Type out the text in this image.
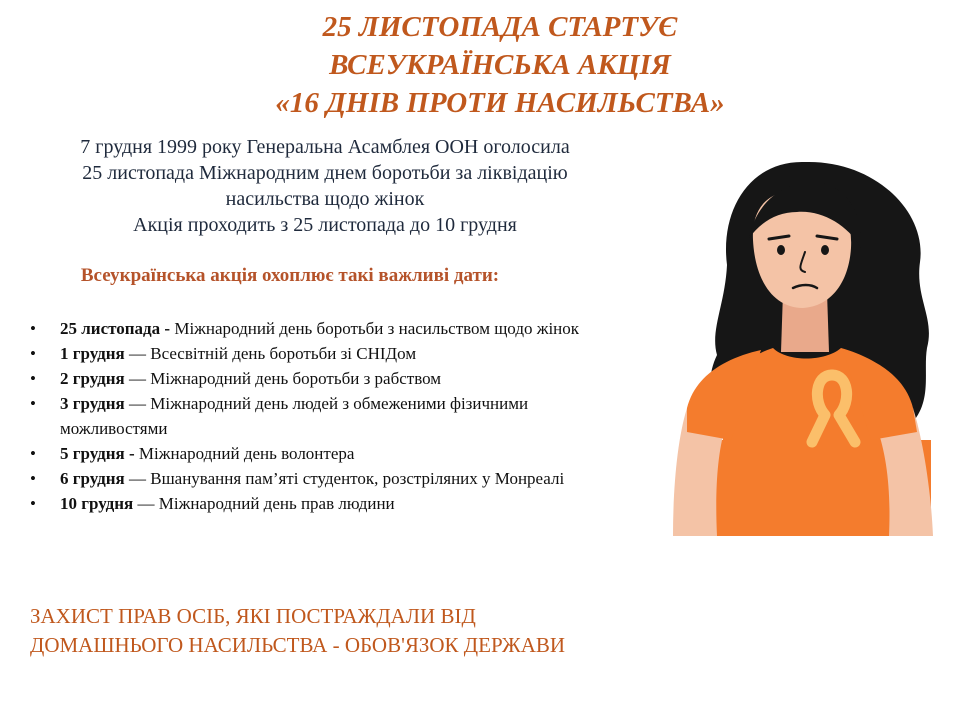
25 ЛИСТОПАДА СТАРТУЄ
ВСЕУКРАЇНСЬКА АКЦІЯ
«16 ДНІВ ПРОТИ НАСИЛЬСТВА»
7 грудня 1999 року Генеральна Асамблея ООН оголосила
25 листопада Міжнародним днем боротьби за ліквідацію
насильства щодо жінок
Акція проходить з 25 листопада до 10 грудня
Всеукраїнська акція охоплює такі важливі дати:
• 25 листопада - Міжнародний день боротьби з насильством щодо жінок
• 1 грудня — Всесвітній день боротьби зі СНІДом
• 2 грудня — Міжнародний день боротьби з рабством
• 3 грудня — Міжнародний день людей з обмеженими фізичними можливостями
• 5 грудня - Міжнародний день волонтера
• 6 грудня — Вшанування пам’яті студенток, розстріляних у Монреалі
• 10 грудня — Міжнародний день прав людини
ЗАХИСТ ПРАВ ОСІБ, ЯКІ ПОСТРАЖДАЛИ ВІД ДОМАШНЬОГО НАСИЛЬСТВА - ОБОВ'ЯЗОК ДЕРЖАВИ
